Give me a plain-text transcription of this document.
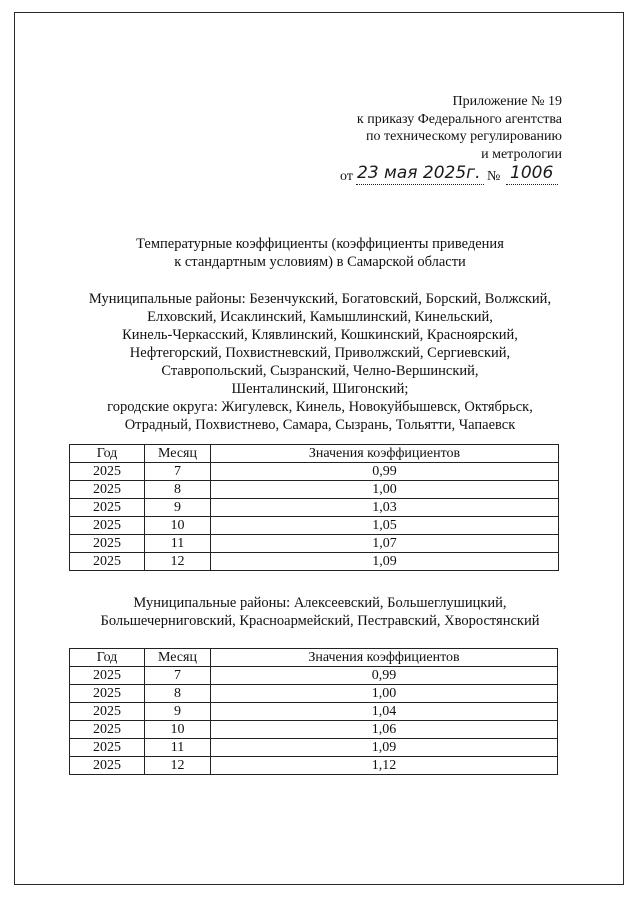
Приложение № 19
к приказу Федерального агентства
по техническому регулированию
и метрологии
от 23 мая 2025г. № 1006
Температурные коэффициенты (коэффициенты приведения
к стандартным условиям) в Самарской области
Муниципальные районы: Безенчукский, Богатовский, Борский, Волжский,
Елховский, Исаклинский, Камышлинский, Кинельский,
Кинель-Черкасский, Клявлинский, Кошкинский, Красноярский,
Нефтегорский, Похвистневский, Приволжский, Сергиевский,
Ставропольский, Сызранский, Челно-Вершинский,
Шенталинский, Шигонский;
городские округа: Жигулевск, Кинель, Новокуйбышевск, Октябрьск,
Отрадный, Похвистнево, Самара, Сызрань, Тольятти, Чапаевск
Год	Месяц	Значения коэффициентов
2025	7	0,99
2025	8	1,00
2025	9	1,03
2025	10	1,05
2025	11	1,07
2025	12	1,09
Муниципальные районы: Алексеевский, Большеглушицкий,
Большечерниговский, Красноармейский, Пестравский, Хворостянский
Год	Месяц	Значения коэффициентов
2025	7	0,99
2025	8	1,00
2025	9	1,04
2025	10	1,06
2025	11	1,09
2025	12	1,12
